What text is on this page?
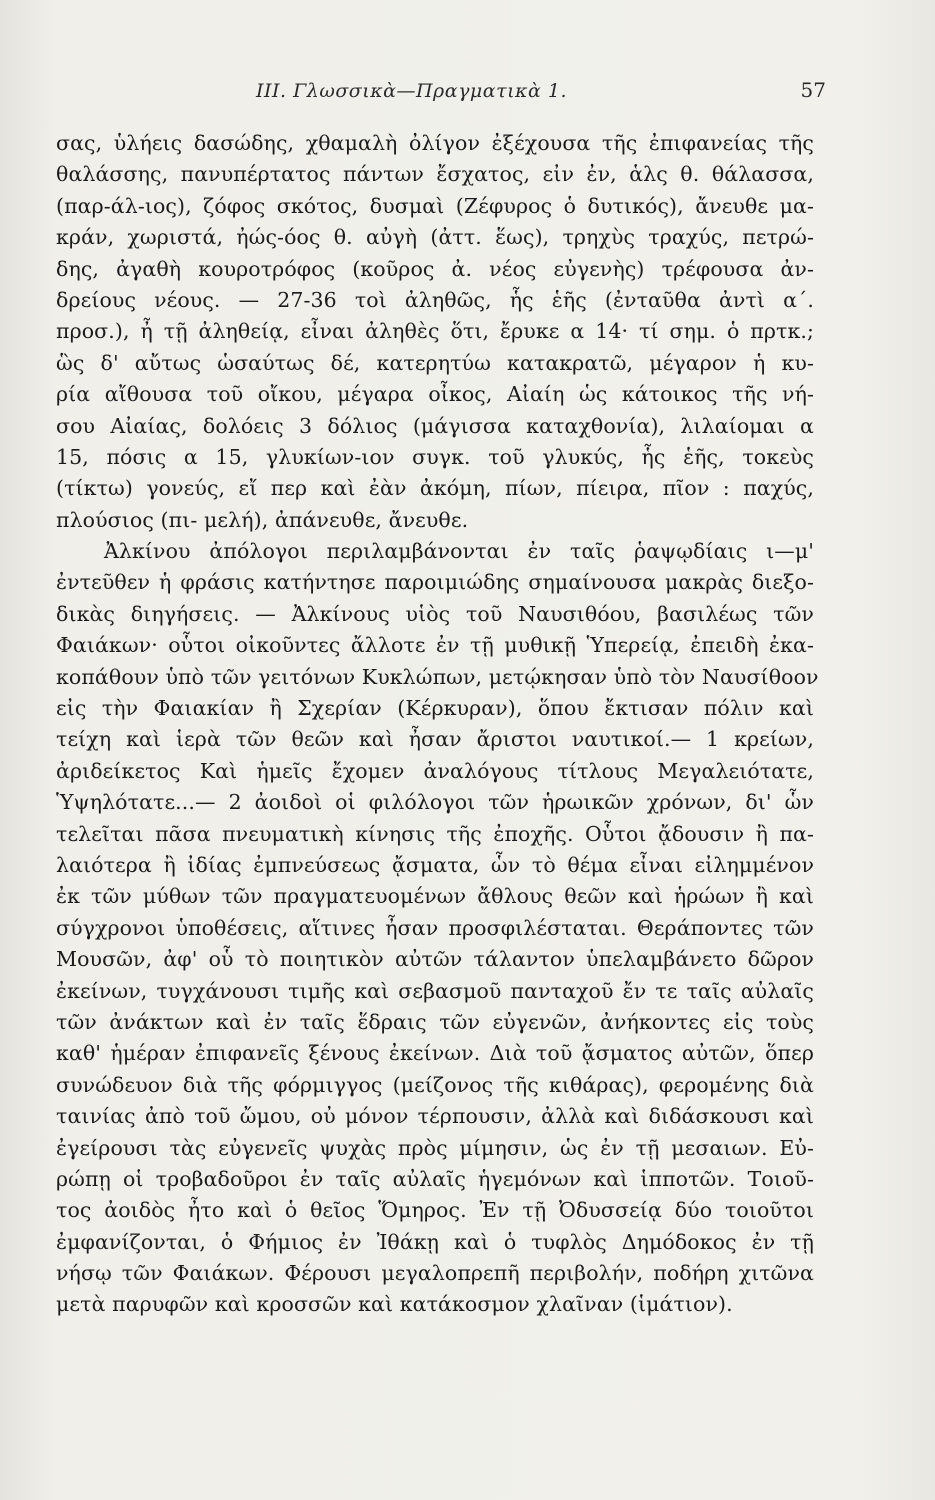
ΙΙΙ. Γλωσσικὰ—Πραγματικὰ 1.	57
σας, ὑλήεις δασώδης, χθαμαλὴ ὀλίγον ἐξέχουσα τῆς ἐπιφανείας τῆς
θαλάσσης, πανυπέρτατος πάντων ἔσχατος, εἰν ἐν, ἁλς θ. θάλασσα,
(παρ-άλ-ιος), ζόφος σκότος, δυσμαὶ (Ζέφυρος ὁ δυτικός), ἄνευθε μα-
κράν, χωριστά, ἠώς-όος θ. αὐγὴ (ἀττ. ἕως), τρηχὺς τραχύς, πετρώ-
δης, ἀγαθὴ κουροτρόφος (κοῦρος ἀ. νέος εὐγενὴς) τρέφουσα ἀν-
δρείους νέους. — 27-36 τοὶ ἀληθῶς, ἧς ἑῆς (ἐνταῦθα ἀντὶ α΄.
προσ.), ἦ τῇ ἀληθείᾳ, εἶναι ἀληθὲς ὅτι, ἔρυκε α 14· τί σημ. ὁ πρτκ.;
ὣς δ' αὔτως ὡσαύτως δέ, κατερητύω κατακρατῶ, μέγαρον ἡ κυ-
ρία αἴθουσα τοῦ οἴκου, μέγαρα οἶκος, Αἰαίη ὡς κάτοικος τῆς νή-
σου Αἰαίας, δολόεις 3 δόλιος (μάγισσα καταχθονία), λιλαίομαι α
15, πόσις α 15, γλυκίων-ιον συγκ. τοῦ γλυκύς, ἧς ἑῆς, τοκεὺς
(τίκτω) γονεύς, εἴ περ καὶ ἐὰν ἀκόμη, πίων, πίειρα, πῖον : παχύς,
πλούσιος (πι- μελή), ἀπάνευθε, ἄνευθε.
Ἀλκίνου ἀπόλογοι περιλαμβάνονται ἐν ταῖς ῥαψῳδίαις ι—μ'
ἐντεῦθεν ἡ φράσις κατήντησε παροιμιώδης σημαίνουσα μακρὰς διεξο-
δικὰς διηγήσεις. — Ἀλκίνους υἱὸς τοῦ Ναυσιθόου, βασιλέως τῶν
Φαιάκων· οὗτοι οἰκοῦντες ἄλλοτε ἐν τῇ μυθικῇ Ὑπερείᾳ, ἐπειδὴ ἐκα-
κοπάθουν ὑπὸ τῶν γειτόνων Κυκλώπων, μετῴκησαν ὑπὸ τὸν Ναυσίθοον
εἰς τὴν Φαιακίαν ἢ Σχερίαν (Κέρκυραν), ὅπου ἔκτισαν πόλιν καὶ
τείχη καὶ ἱερὰ τῶν θεῶν καὶ ἦσαν ἄριστοι ναυτικοί.— 1 κρείων,
ἀριδείκετος Καὶ ἡμεῖς ἔχομεν ἀναλόγους τίτλους Μεγαλειότατε,
Ὑψηλότατε...— 2 ἀοιδοὶ οἱ φιλόλογοι τῶν ἡρωικῶν χρόνων, δι' ὧν
τελεῖται πᾶσα πνευματικὴ κίνησις τῆς ἐποχῆς. Οὗτοι ᾄδουσιν ἢ πα-
λαιότερα ἢ ἰδίας ἐμπνεύσεως ᾄσματα, ὧν τὸ θέμα εἶναι εἰλημμένον
ἐκ τῶν μύθων τῶν πραγματευομένων ἄθλους θεῶν καὶ ἡρώων ἢ καὶ
σύγχρονοι ὑποθέσεις, αἵτινες ἦσαν προσφιλέσταται. Θεράποντες τῶν
Μουσῶν, ἀφ' οὗ τὸ ποιητικὸν αὐτῶν τάλαντον ὑπελαμβάνετο δῶρον
ἐκείνων, τυγχάνουσι τιμῆς καὶ σεβασμοῦ πανταχοῦ ἔν τε ταῖς αὐλαῖς
τῶν ἀνάκτων καὶ ἐν ταῖς ἕδραις τῶν εὐγενῶν, ἀνήκοντες εἰς τοὺς
καθ' ἡμέραν ἐπιφανεῖς ξένους ἐκείνων. Διὰ τοῦ ᾄσματος αὐτῶν, ὅπερ
συνώδευον διὰ τῆς φόρμιγγος (μείζονος τῆς κιθάρας), φερομένης διὰ
ταινίας ἀπὸ τοῦ ὤμου, οὐ μόνον τέρπουσιν, ἀλλὰ καὶ διδάσκουσι καὶ
ἐγείρουσι τὰς εὐγενεῖς ψυχὰς πρὸς μίμησιν, ὡς ἐν τῇ μεσαιων. Εὐ-
ρώπῃ οἱ τροβαδοῦροι ἐν ταῖς αὐλαῖς ἡγεμόνων καὶ ἱπποτῶν. Τοιοῦ-
τος ἀοιδὸς ἦτο καὶ ὁ θεῖος Ὅμηρος. Ἐν τῇ Ὀδυσσείᾳ δύο τοιοῦτοι
ἐμφανίζονται, ὁ Φήμιος ἐν Ἰθάκῃ καὶ ὁ τυφλὸς Δημόδοκος ἐν τῇ
νήσῳ τῶν Φαιάκων. Φέρουσι μεγαλοπρεπῆ περιβολήν, ποδήρη χιτῶνα
μετὰ παρυφῶν καὶ κροσσῶν καὶ κατάκοσμον χλαῖναν (ἱμάτιον).
